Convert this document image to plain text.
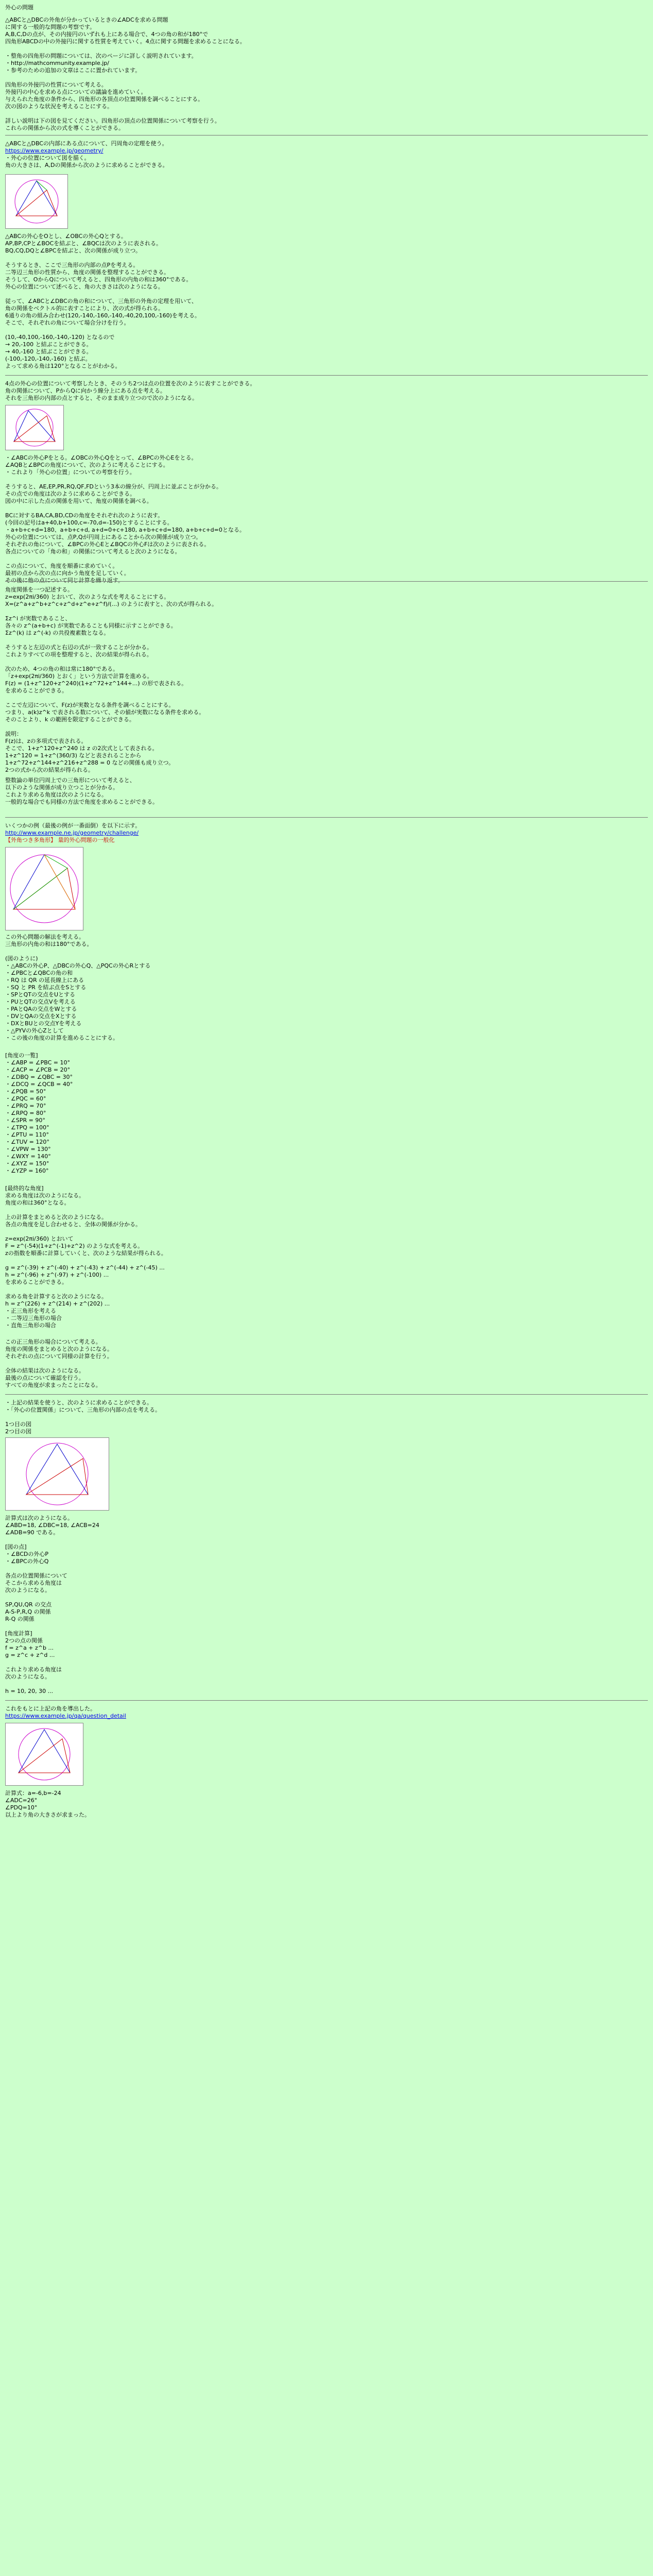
外心の問題
△ABCと△DBCの外角が分かっているときの∠ADCを求める問題
に関する一般的な問題の考察です。
A,B,C,Dの点が、その内接円のいずれも上にある場合で、4つの角の和が180°で
四角形ABCDの中の外接円に関する性質を考えていく。4点に関する問題を求めることになる。

・整角の四角形の問題については、次のページに詳しく説明されています。
・http://mathcommunity.example.jp/
・参考のための追加の文章はここに置かれています。

四角形の外接円の性質について考える。
外接円の中心を求める点についての議論を進めていく。
与えられた角度の条件から、四角形の各頂点の位置関係を調べることにする。
次の図のような状況を考えることにする。

詳しい説明は下の図を見てください。四角形の頂点の位置関係について考察を行う。
これらの関係から次の式を導くことができる。
△ABCと△DBCの内部にある点について、円周角の定理を使う。
https://www.example.jp/geometry/
・外心の位置について図を描く。
角の大きさは、A,Dの関係から次のように求めることができる。
△ABCの外心をOとし、∠OBCの外心Qとする。
AP,BP,CPと∠BOCを結ぶと、∠BQCは次のように表される。
BQ,CQ,DQと∠BPCを結ぶと、次の関係が成り立つ。

そうするとき、ここで三角形の内部の点Pを考える。
二等辺三角形の性質から、角度の関係を整理することができる。
そうして、OからQについて考えると、四角形の内角の和は360°である。
外心の位置について述べると、角の大きさは次のようになる。

従って、∠ABCと∠DBCの角の和について、三角形の外角の定理を用いて、
角の関係をベクトル的に表すことにより、次の式が得られる。
6通りの角の組み合わせ(120,-140,-160,-140,-40,20,100,-160)を考える。
そこで、それぞれの角について場合分けを行う。

(10,-40,100,-160,-140,-120) となるので
→ 20,-100 と結ぶことができる。
→ 40,-160 と結ぶことができる。
(-100,-120,-140,-160) と結ぶ。
よって求める角は120°となることがわかる。
4点の外心の位置について考察したとき、そのうち2つは点の位置を次のように表すことができる。
角の関係について、PからQに向かう線分上にある点を考える。
それを三角形の内部の点とすると、そのまま成り立つので次のようになる。
・∠ABCの外心Pをとる。∠OBCの外心Qをとって、∠BPCの外心Eをとる。
∠AQBと∠BPCの角度について、次のように考えることにする。
・これより「外心の位置」についての考察を行う。

そうすると、AE,EP,PR,RQ,QF,FDという3本の線分が、円周上に並ぶことが分かる。
その点での角度は次のように求めることができる。
図の中に示した点の関係を用いて、角度の関係を調べる。

BCに対するBA,CA,BD,CDの角度をそれぞれ次のように表す。
(今回の記号はa+40,b+100,c=-70,d=-150)とすることにする。
・a+b+c+d=180、a+b+c+d, a+d=0+c+180, a+b+c+d=180, a+b+c+d=0となる。
外心の位置については、点P,Qが円周上にあることから次の関係が成り立つ。
それぞれの角について、∠BPCの外心Eと∠BQCの外心Fは次のように表される。
各点についての「角の和」の関係について考えると次のようになる。

この点について、角度を順番に求めていく。
最初の点から次の点に向かう角度を足していく。
その後に他の点について同じ計算を繰り返す。
角度関係を一つ記述する。
z=exp(2πi/360) とおいて、次のような式を考えることにする。
X=(z^a+z^b+z^c+z^d+z^e+z^f)/(...) のように表すと、次の式が得られる。

Σz^i が実数であること、
各々の z^(a+b+c) が実数であることも同様に示すことができる。
Σz^(k) は z^(-k) の共役複素数となる。

そうすると左辺の式と右辺の式が一致することが分かる。
これよりすべての項を整理すると、次の結果が得られる。

次のため、4つの角の和は常に180°である。
「z+exp(2πi/360) とおく」という方法で計算を進める。
F(z) = (1+z^120+z^240)(1+z^72+z^144+...) の形で表される。
を求めることができる。

ここで左辺について、F(z)が実数となる条件を調べることにする。
つまり、a(k)z^k で表される数について、その値が実数になる条件を求める。
そのことより、k の範囲を限定することができる。

説明：
F(z)は、zの多項式で表される。
そこで、1+z^120+z^240 は z の2次式として表される。
1+z^120 = 1+z^(360/3) などと表されることから
1+z^72+z^144+z^216+z^288 = 0 などの関係も成り立つ。
2つの式から次の結果が得られる。
整数論の単位円周上での三角形について考えると、
以下のような関係が成り立つことが分かる。
これより求める角度は次のようになる。
一般的な場合でも同様の方法で角度を求めることができる。
いくつかの例（最後の例が一番面倒）を以下に示す。
http://www.example.ne.jp/geometry/challenge/
【外角つき多角形】 量的外心問題の一般化
この外心問題の解法を考える。
三角形の内角の和は180°である。

(図のように)
・△ABCの外心P、△DBCの外心Q、△PQCの外心Rとする
・∠PBCと∠QBCの角の和
・RQ は QR の延長線上にある
・SQ と PR を結ぶ点をSとする
・SPとQTの交点をUとする
・PUとQTの交点Vを考える
・PAとQAの交点をWとする
・DVとQAの交点をXとする
・DXとBUとの交点Yを考える
・△PYVの外心Zとして
・この後の角度の計算を進めることにする。
[角度の一覧]
・∠ABP = ∠PBC = 10°
・∠ACP = ∠PCB = 20°
・∠DBQ = ∠QBC = 30°
・∠DCQ = ∠QCB = 40°
・∠PQB = 50°
・∠PQC = 60°
・∠PRQ = 70°
・∠RPQ = 80°
・∠SPR = 90°
・∠TPQ = 100°
・∠PTU = 110°
・∠TUV = 120°
・∠VPW = 130°
・∠WXY = 140°
・∠XYZ = 150°
・∠YZP = 160°
[最終的な角度]
求める角度は次のようになる。
角度の和は360°となる。

上の計算をまとめると次のようになる。
各点の角度を足し合わせると、全体の関係が分かる。
z=exp(2πi/360) とおいて
F = z^(-54)(1+z^(-1)+z^2) のような式を考える。
zの指数を順番に計算していくと、次のような結果が得られる。

g = z^(-39) + z^(-40) + z^(-43) + z^(-44) + z^(-45) ...
h = z^(-96) + z^(-97) + z^(-100) ...
を求めることができる。

求める角を計算すると次のようになる。
h = z^(226) + z^(214) + z^(202) ...
・正三角形を考える
・二等辺三角形の場合
・直角三角形の場合
この正三角形の場合について考える。
角度の関係をまとめると次のようになる。
それぞれの点について同様の計算を行う。

全体の結果は次のようになる。
最後の点について確認を行う。
すべての角度が求まったことになる。
・上記の結果を使うと、次のように求めることができる。
・「外心の位置関係」について、三角形の内部の点を考える。

1つ目の図
2つ目の図
計算式は次のようになる。
∠ABD=18, ∠DBC=18, ∠ACB=24
∠ADB=90 である。

[図の点]
・∠BCDの外心P
・∠BPCの外心Q

各点の位置関係について
そこから求める角度は
次のようになる。

SP,QU,QR の交点
A-S-P,R,Q の関係
R-Q の関係

[角度計算]
2つの点の関係
f = z^a + z^b ...
g = z^c + z^d ...

これより求める角度は
次のようになる。

h = 10, 20, 30 ...
これをもとに上記の角を導出した。
https://www.example.jp/qa/question_detail
計算式：a=-6,b=-24
∠ADC=26°
∠PDQ=10°
以上より角の大きさが求まった。
